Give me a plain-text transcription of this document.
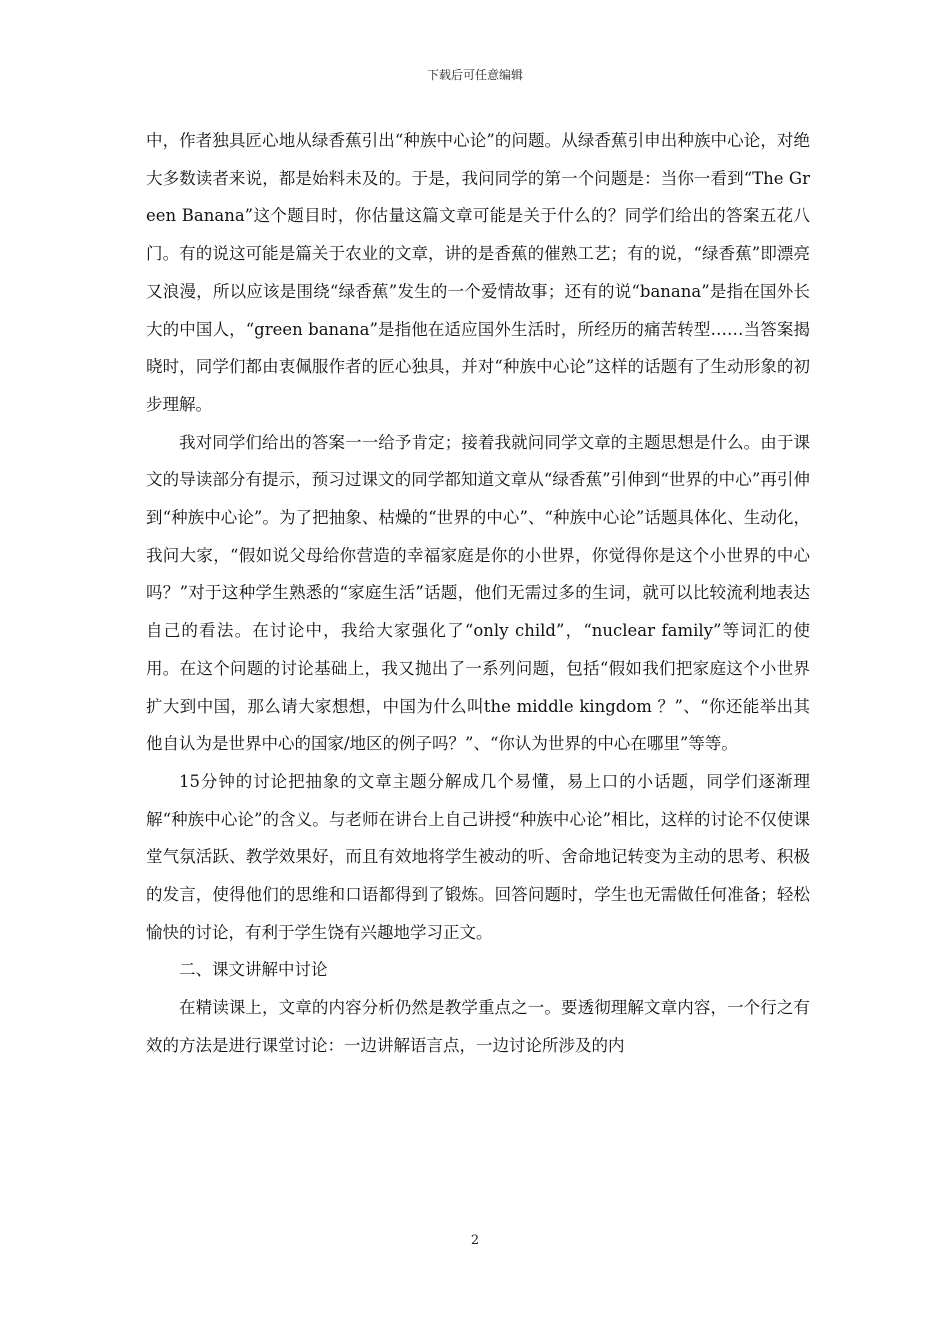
下载后可任意编辑

中，作者独具匠心地从绿香蕉引出“种族中心论”的问题。从绿香蕉引申出种族中心论，对绝大多数读者来说，都是始料未及的。于是，我问同学的第一个问题是：当你一看到“The Green Banana”这个题目时，你估量这篇文章可能是关于什么的？同学们给出的答案五花八门。有的说这可能是篇关于农业的文章，讲的是香蕉的催熟工艺；有的说，“绿香蕉”即漂亮又浪漫，所以应该是围绕“绿香蕉”发生的一个爱情故事；还有的说“banana”是指在国外长大的中国人，“green banana”是指他在适应国外生活时，所经历的痛苦转型……当答案揭晓时，同学们都由衷佩服作者的匠心独具，并对“种族中心论”这样的话题有了生动形象的初步理解。

我对同学们给出的答案一一给予肯定；接着我就问同学文章的主题思想是什么。由于课文的导读部分有提示，预习过课文的同学都知道文章从“绿香蕉”引伸到“世界的中心”再引伸到“种族中心论”。为了把抽象、枯燥的“世界的中心”、“种族中心论”话题具体化、生动化，我问大家，“假如说父母给你营造的幸福家庭是你的小世界，你觉得你是这个小世界的中心吗？”对于这种学生熟悉的“家庭生活”话题，他们无需过多的生词，就可以比较流利地表达自己的看法。在讨论中，我给大家强化了“only child”，“nuclear family”等词汇的使用。在这个问题的讨论基础上，我又抛出了一系列问题，包括“假如我们把家庭这个小世界扩大到中国，那么请大家想想，中国为什么叫the middle kingdom ？”、“你还能举出其他自认为是世界中心的国家/地区的例子吗？”、“你认为世界的中心在哪里”等等。

15分钟的讨论把抽象的文章主题分解成几个易懂，易上口的小话题，同学们逐渐理解“种族中心论”的含义。与老师在讲台上自己讲授“种族中心论”相比，这样的讨论不仅使课堂气氛活跃、教学效果好，而且有效地将学生被动的听、舍命地记转变为主动的思考、积极的发言，使得他们的思维和口语都得到了锻炼。回答问题时，学生也无需做任何准备；轻松愉快的讨论，有利于学生饶有兴趣地学习正文。

二、课文讲解中讨论

在精读课上，文章的内容分析仍然是教学重点之一。要透彻理解文章内容，一个行之有效的方法是进行课堂讨论：一边讲解语言点，一边讨论所涉及的内

2
